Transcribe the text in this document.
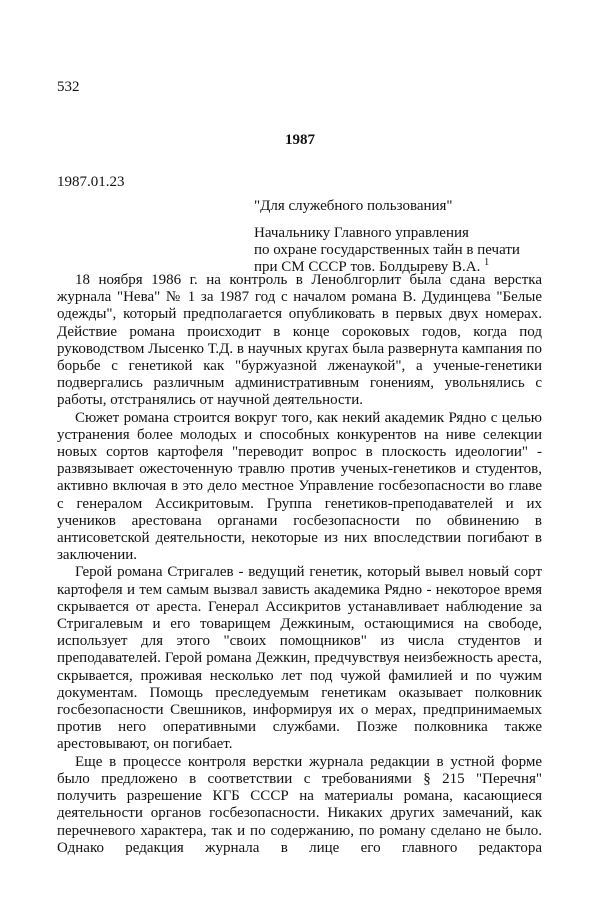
532
1987
1987.01.23
"Для служебного пользования"
Начальнику Главного управления
по охране государственных тайн в печати
при СМ СССР тов. Болдыреву В.А. $^1$

18 ноября 1986 г. на контроль в Леноблгорлит была сдана верстка журнала "Нева" № 1 за 1987 год с началом романа В. Дудинцева "Белые одежды", который предполагается опубликовать в первых двух номерах. Действие романа происходит в конце сороковых годов, когда под руководством Лысенко Т.Д. в научных кругах была развернута кампания по борьбе с генетикой как "буржуазной лженаукой", а ученые-генетики подвергались различным административным гонениям, увольнялись с работы, отстранялись от научной деятельности.

Сюжет романа строится вокруг того, как некий академик Рядно с целью устранения более молодых и способных конкурентов на ниве селекции новых сортов картофеля "переводит вопрос в плоскость идеологии" - развязывает ожесточенную травлю против ученых-генетиков и студентов, активно включая в это дело местное Управление госбезопасности во главе с генералом Ассикритовым. Группа генетиков-преподавателей и их учеников арестована органами госбезопасности по обвинению в антисоветской деятельности, некоторые из них впоследствии погибают в заключении.

Герой романа Стригалев - ведущий генетик, который вывел новый сорт картофеля и тем самым вызвал зависть академика Рядно - некоторое время скрывается от ареста. Генерал Ассикритов устанавливает наблюдение за Стригалевым и его товарищем Дежкиным, остающимися на свободе, использует для этого "своих помощников" из числа студентов и преподавателей. Герой романа Дежкин, предчувствуя неизбежность ареста, скрывается, проживая несколько лет под чужой фамилией и по чужим документам. Помощь преследуемым генетикам оказывает полковник госбезопасности Свешников, информируя их о мерах, предпринимаемых против него оперативными службами. Позже полковника также арестовывают, он погибает.

Еще в процессе контроля верстки журнала редакции в устной форме было предложено в соответствии с требованиями § 215 "Перечня" получить разрешение КГБ СССР на материалы романа, касающиеся деятельности органов госбезопасности. Никаких других замечаний, как перечневого характера, так и по содержанию, по роману сделано не было. Однако редакция журнала в лице его главного редактора
